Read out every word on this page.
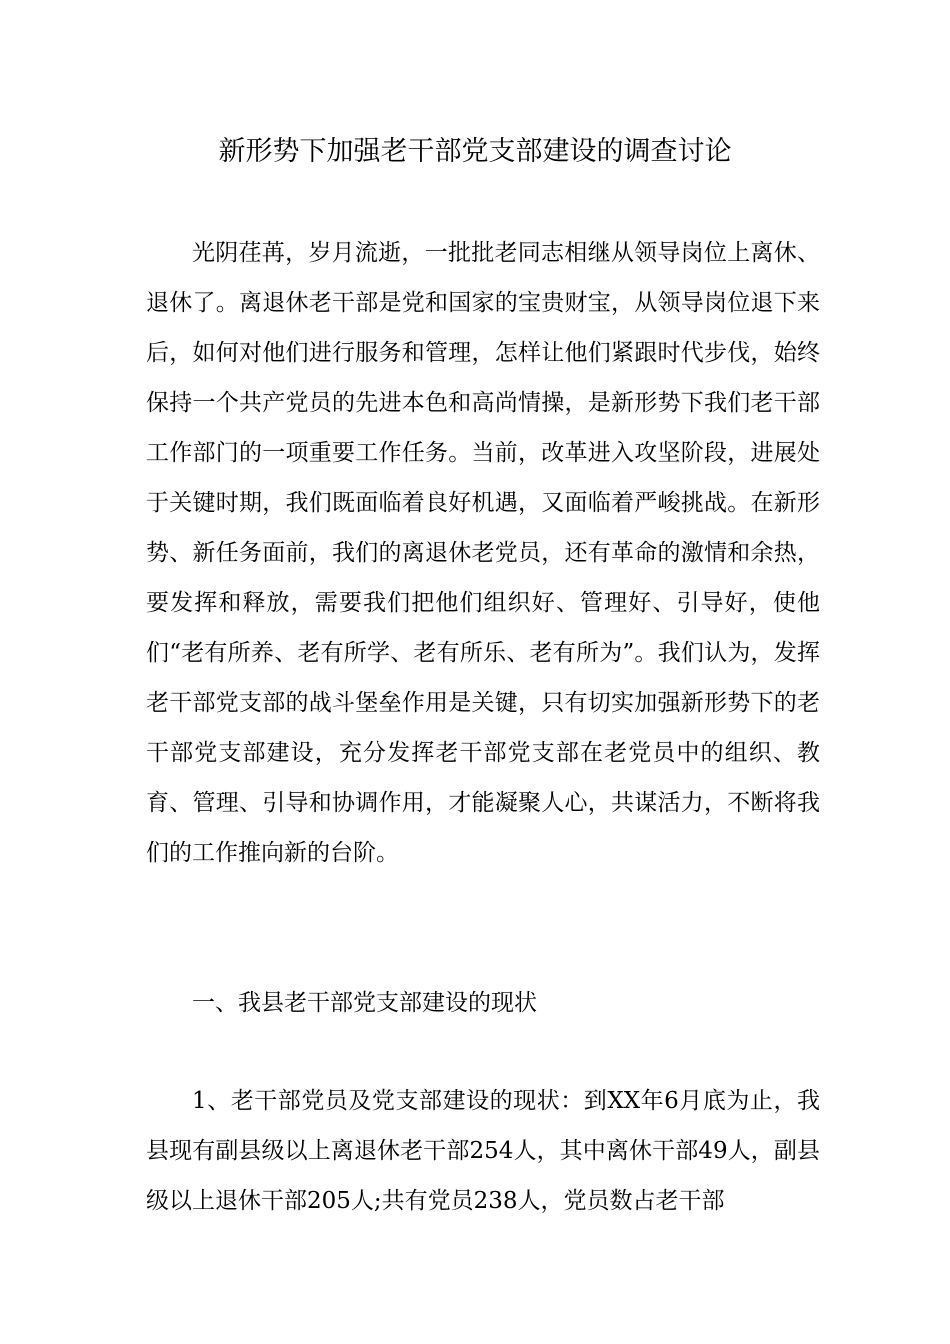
新形势下加强老干部党支部建设的调查讨论

光阴荏苒，岁月流逝，一批批老同志相继从领导岗位上离休、退休了。离退休老干部是党和国家的宝贵财宝，从领导岗位退下来后，如何对他们进行服务和管理，怎样让他们紧跟时代步伐，始终保持一个共产党员的先进本色和高尚情操，是新形势下我们老干部工作部门的一项重要工作任务。当前，改革进入攻坚阶段，进展处于关键时期，我们既面临着良好机遇，又面临着严峻挑战。在新形势、新任务面前，我们的离退休老党员，还有革命的激情和余热，要发挥和释放，需要我们把他们组织好、管理好、引导好，使他们“老有所养、老有所学、老有所乐、老有所为”。我们认为，发挥老干部党支部的战斗堡垒作用是关键，只有切实加强新形势下的老干部党支部建设，充分发挥老干部党支部在老党员中的组织、教育、管理、引导和协调作用，才能凝聚人心，共谋活力，不断将我们的工作推向新的台阶。

一、我县老干部党支部建设的现状

1、老干部党员及党支部建设的现状：到XX年6月底为止，我县现有副县级以上离退休老干部254人，其中离休干部49人，副县级以上退休干部205人;共有党员238人，党员数占老干部
